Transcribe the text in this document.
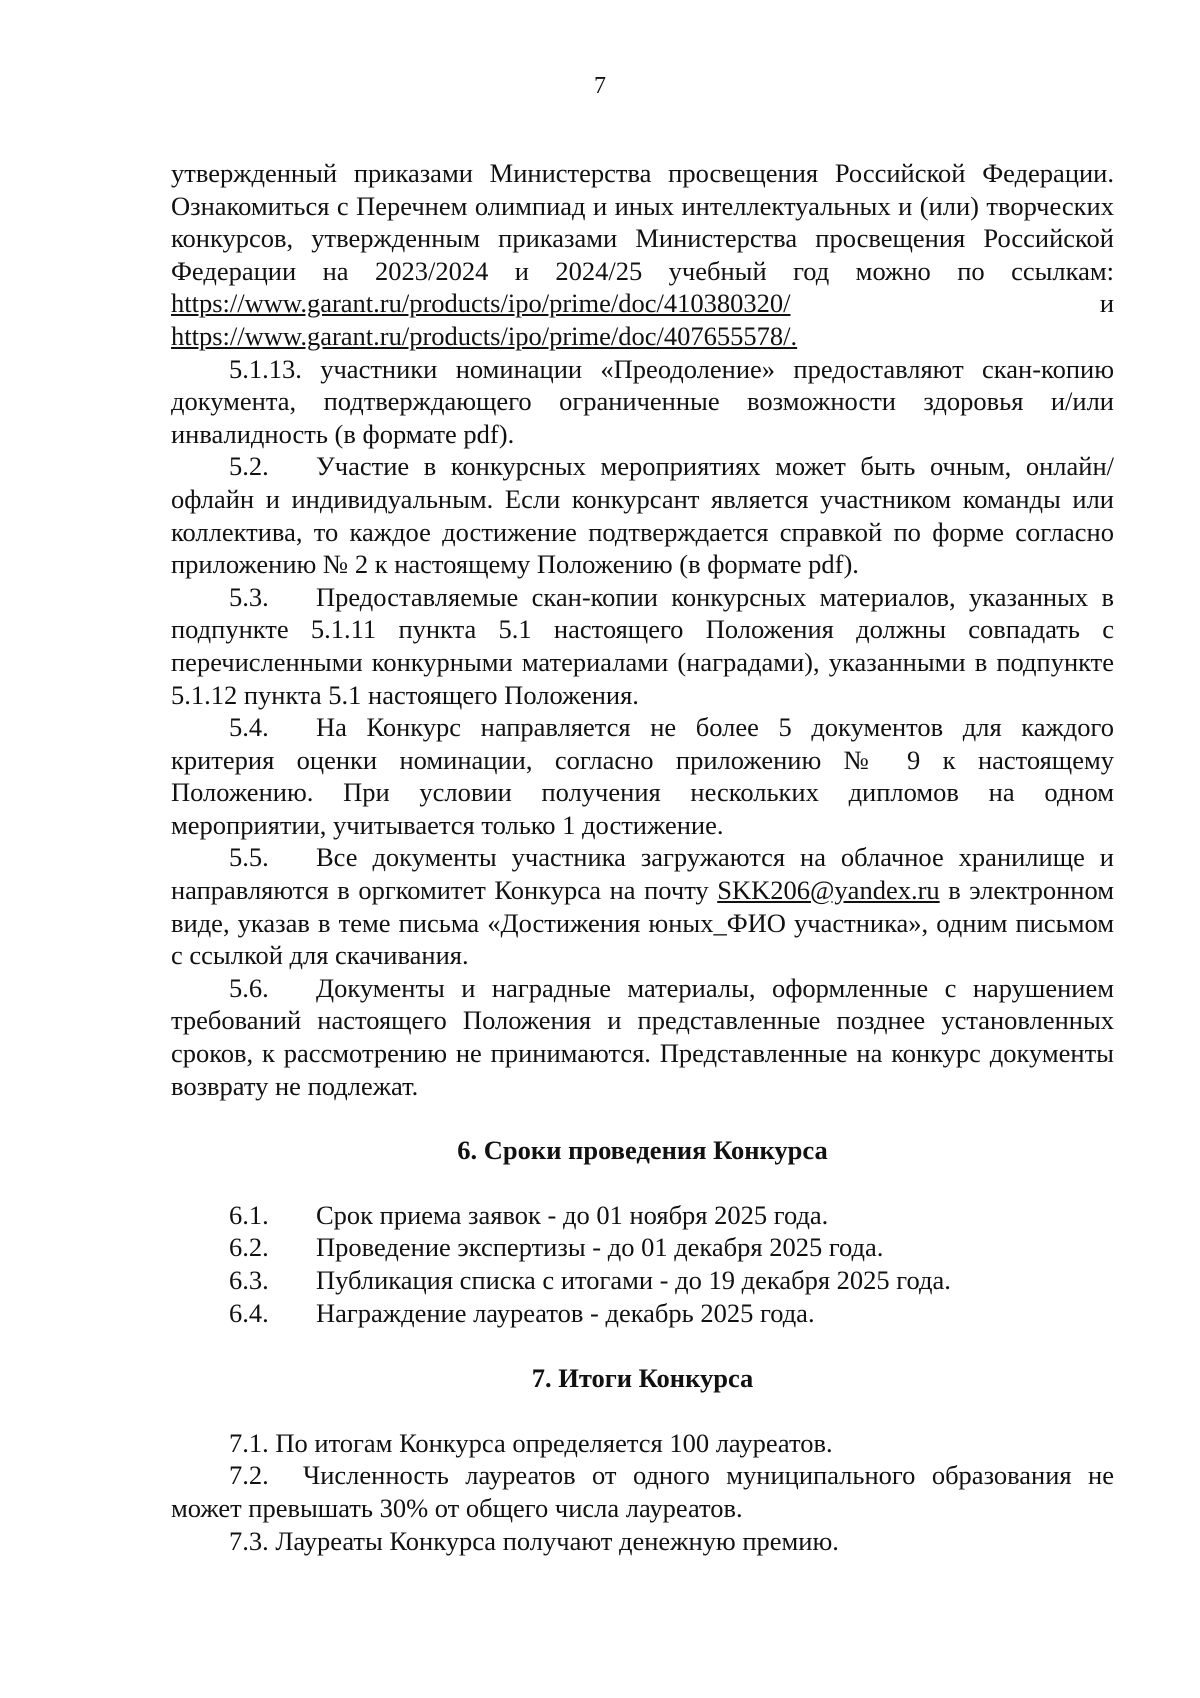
7

утвержденный приказами Министерства просвещения Российской Федерации. Ознакомиться с Перечнем олимпиад и иных интеллектуальных и (или) творческих конкурсов, утвержденным приказами Министерства просвещения Российской Федерации на 2023/2024 и 2024/25 учебный год можно по ссылкам: https://www.garant.ru/products/ipo/prime/doc/410380320/ и https://www.garant.ru/products/ipo/prime/doc/407655578/.

5.1.13. участники номинации «Преодоление» предоставляют скан-копию документа, подтверждающего ограниченные возможности здоровья и/или инвалидность (в формате pdf).

5.2. Участие в конкурсных мероприятиях может быть очным, онлайн/офлайн и индивидуальным. Если конкурсант является участником команды или коллектива, то каждое достижение подтверждается справкой по форме согласно приложению № 2 к настоящему Положению (в формате pdf).

5.3. Предоставляемые скан-копии конкурсных материалов, указанных в подпункте 5.1.11 пункта 5.1 настоящего Положения должны совпадать с перечисленными конкурными материалами (наградами), указанными в подпункте 5.1.12 пункта 5.1 настоящего Положения.

5.4. На Конкурс направляется не более 5 документов для каждого критерия оценки номинации, согласно приложению № 9 к настоящему Положению. При условии получения нескольких дипломов на одном мероприятии, учитывается только 1 достижение.

5.5. Все документы участника загружаются на облачное хранилище и направляются в оргкомитет Конкурса на почту SKK206@yandex.ru в электронном виде, указав в теме письма «Достижения юных_ФИО участника», одним письмом с ссылкой для скачивания.

5.6. Документы и наградные материалы, оформленные с нарушением требований настоящего Положения и представленные позднее установленных сроков, к рассмотрению не принимаются. Представленные на конкурс документы возврату не подлежат.

6. Сроки проведения Конкурса

6.1. Срок приема заявок - до 01 ноября 2025 года.

6.2. Проведение экспертизы - до 01 декабря 2025 года.

6.3. Публикация списка с итогами - до 19 декабря 2025 года.

6.4. Награждение лауреатов - декабрь 2025 года.

7. Итоги Конкурса

7.1. По итогам Конкурса определяется 100 лауреатов.

7.2. Численность лауреатов от одного муниципального образования не может превышать 30% от общего числа лауреатов.

7.3. Лауреаты Конкурса получают денежную премию.
